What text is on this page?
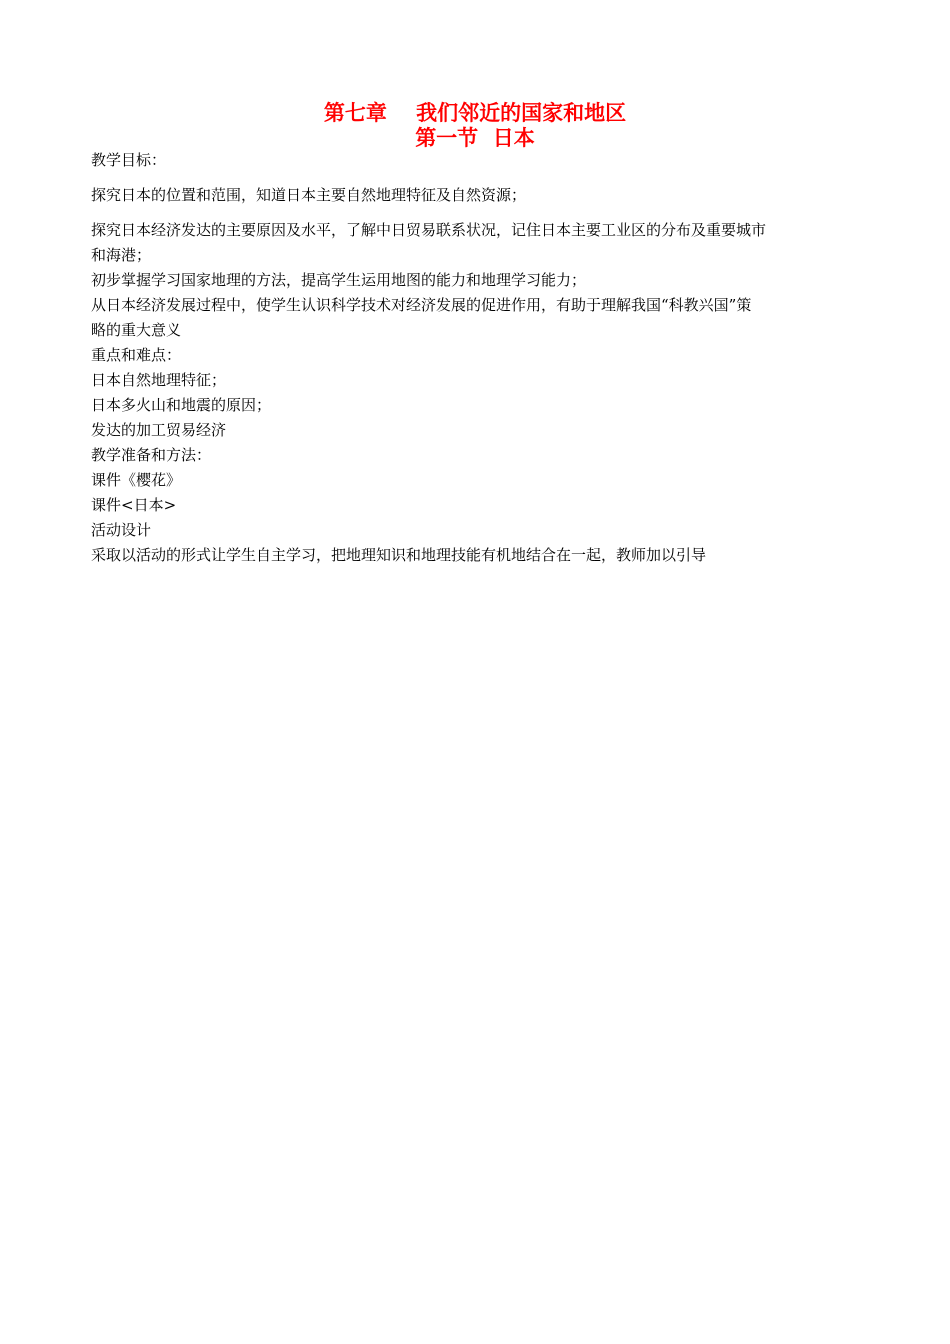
第七章    我们邻近的国家和地区
第一节  日本
教学目标：
探究日本的位置和范围，知道日本主要自然地理特征及自然资源；
探究日本经济发达的主要原因及水平，了解中日贸易联系状况，记住日本主要工业区的分布及重要城市
和海港；
初步掌握学习国家地理的方法，提高学生运用地图的能力和地理学习能力；
从日本经济发展过程中，使学生认识科学技术对经济发展的促进作用，有助于理解我国“科教兴国”策
略的重大意义
重点和难点：
日本自然地理特征；
日本多火山和地震的原因；
发达的加工贸易经济
教学准备和方法：
课件《樱花》
课件<日本>
活动设计
采取以活动的形式让学生自主学习，把地理知识和地理技能有机地结合在一起，教师加以引导
